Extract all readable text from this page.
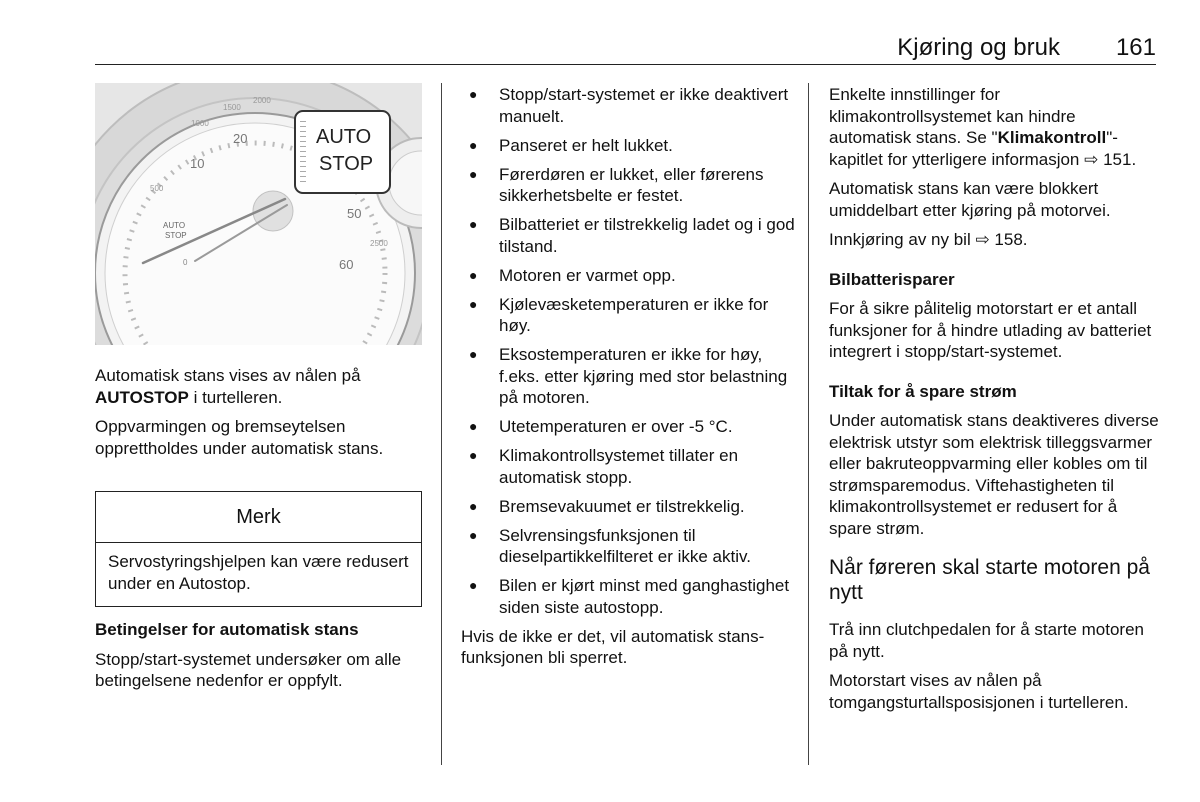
Kjøring og bruk	161
10
20
50
60
500
1000
1500
2000
2500
AUTO
STOP
0
AUTO
STOP

Automatisk stans vises av nålen på AUTOSTOP i turtelleren.

Oppvarmingen og bremseytelsen opprettholdes under automatisk stans.

Merk
Servostyringshjelpen kan være redusert under en Autostop.

Betingelser for automatisk stans

Stopp/start-systemet undersøker om alle betingelsene nedenfor er oppfylt.

● Stopp/start-systemet er ikke deaktivert manuelt.
● Panseret er helt lukket.
● Førerdøren er lukket, eller førerens sikkerhetsbelte er festet.
● Bilbatteriet er tilstrekkelig ladet og i god tilstand.
● Motoren er varmet opp.
● Kjølevæsketemperaturen er ikke for høy.
● Eksostemperaturen er ikke for høy, f.eks. etter kjøring med stor belastning på motoren.
● Utetemperaturen er over -5 °C.
● Klimakontrollsystemet tillater en automatisk stopp.
● Bremsevakuumet er tilstrekkelig.
● Selvrensingsfunksjonen til dieselpartikkelfilteret er ikke aktiv.
● Bilen er kjørt minst med ganghastighet siden siste autostopp.

Hvis de ikke er det, vil automatisk stans-funksjonen bli sperret.

Enkelte innstillinger for klimakontrollsystemet kan hindre automatisk stans. Se "Klimakontroll"-kapitlet for ytterligere informasjon ⇨ 151.

Automatisk stans kan være blokkert umiddelbart etter kjøring på motorvei.

Innkjøring av ny bil ⇨ 158.

Bilbatterisparer

For å sikre pålitelig motorstart er et antall funksjoner for å hindre utlading av batteriet integrert i stopp/start-systemet.

Tiltak for å spare strøm

Under automatisk stans deaktiveres diverse elektrisk utstyr som elektrisk tilleggsvarmer eller bakruteoppvarming eller kobles om til strømsparemodus. Viftehastigheten til klimakontrollsystemet er redusert for å spare strøm.

Når føreren skal starte motoren på nytt

Trå inn clutchpedalen for å starte motoren på nytt.

Motorstart vises av nålen på tomgangsturtallsposisjonen i turtelleren.
